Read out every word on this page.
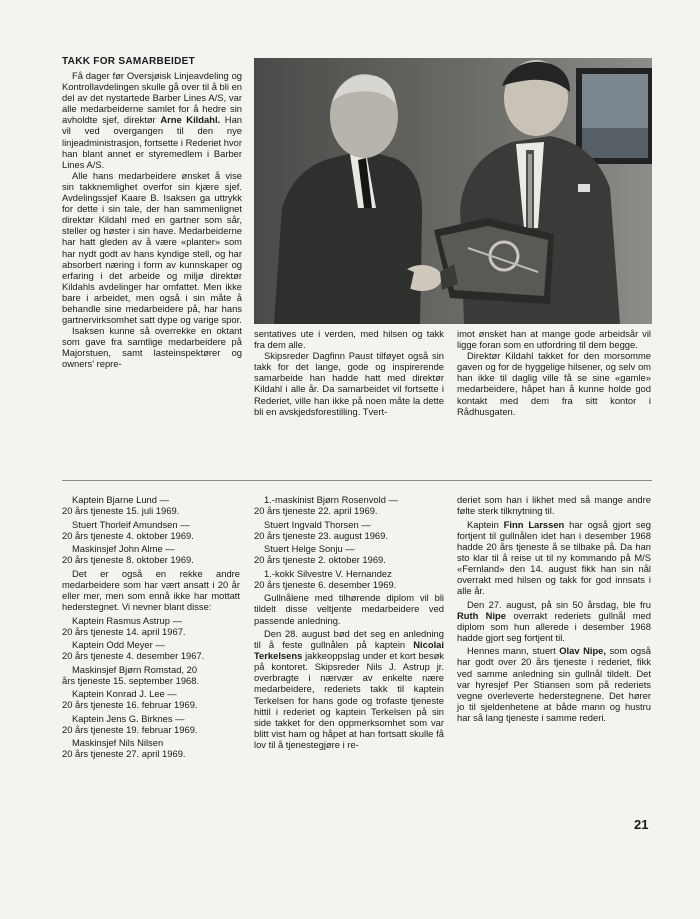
TAKK FOR SAMARBEIDET

Få dager før Oversjøisk Linjeavdeling og Kontrollavdelingen skulle gå over til å bli en del av det nystartede Barber Lines A/S, var alle medarbeiderne samlet for å hedre sin avholdte sjef, direktør Arne Kildahl. Han vil ved overgangen til den nye linjeadministrasjon, fortsette i Rederiet hvor han blant annet er styremedlem i Barber Lines A/S.

Alle hans medarbeidere ønsket å vise sin takknemlighet overfor sin kjære sjef. Avdelingssjef Kaare B. Isaksen ga uttrykk for dette i sin tale, der han sammenlignet direktør Kildahl med en gartner som sår, steller og høster i sin have. Medarbeiderne har hatt gleden av å være «planter» som har nydt godt av hans kyndige stell, og har absorbert næring i form av kunnskaper og erfaring i det arbeide og miljø direktør Kildahls avdelinger har omfattet. Men ikke bare i arbeidet, men også i sin måte å behandle sine medarbeidere på, har hans gartnervirksomhet satt dype og varige spor.

Isaksen kunne så overrekke en oktant som gave fra samtlige medarbeidere på Majorstuen, samt lasteinspektører og owners' repre-

sentatives ute i verden, med hilsen og takk fra dem alle.

Skipsreder Dagfinn Paust tilføyet også sin takk for det lange, gode og inspirerende samarbeide han hadde hatt med direktør Kildahl i alle år. Da samarbeidet vil fortsette i Rederiet, ville han ikke på noen måte la dette bli en avskjedsforestilling. Tvert-

imot ønsket han at mange gode arbeidsår vil ligge foran som en utfordring til dem begge.

Direktør Kildahl takket for den morsomme gaven og for de hyggelige hilsener, og selv om han ikke til daglig ville få se sine «gamle» medarbeidere, håpet han å kunne holde god kontakt med dem fra sitt kontor i Rådhusgaten.

Kaptein Bjarne Lund —
20 års tjeneste 15. juli 1969.
Stuert Thorleif Amundsen —
20 års tjeneste 4. oktober 1969.
Maskinsjef John Alme —
20 års tjeneste 8. oktober 1969.

Det er også en rekke andre medarbeidere som har vært ansatt i 20 år eller mer, men som ennå ikke har mottatt hederstegnet. Vi nevner blant disse:

Kaptein Rasmus Astrup —
20 års tjeneste 14. april 1967.
Kaptein Odd Meyer —
20 års tjeneste 4. desember 1967.
Maskinsjef Bjørn Romstad, 20
års tjeneste 15. september 1968.
Kaptein Konrad J. Lee —
20 års tjeneste 16. februar 1969.
Kaptein Jens G. Birknes —
20 års tjeneste 19. februar 1969.
Maskinsjef Nils Nilsen
20 års tjeneste 27. april 1969.
1.-maskinist Bjørn Rosenvold —
20 års tjeneste 22. april 1969.
Stuert Ingvald Thorsen —
20 års tjeneste 23. august 1969.
Stuert Helge Sonju —
20 års tjeneste 2. oktober 1969.
1.-kokk Silvestre V. Hernandez
20 års tjeneste 6. desember 1969.

Gullnålene med tilhørende diplom vil bli tildelt disse veltjente medarbeidere ved passende anledning.

Den 28. august bød det seg en anledning til å feste gullnålen på kaptein Nicolai Terkelsens jakkeoppslag under et kort besøk på kontoret. Skipsreder Nils J. Astrup jr. overbragte i nærvær av enkelte nære medarbeidere, rederiets takk til kaptein Terkelsen for hans gode og trofaste tjeneste hittil i rederiet og kaptein Terkelsen på sin side takket for den oppmerksomhet som var blitt vist ham og håpet at han fortsatt skulle få lov til å tjenestegjøre i re-

deriet som han i likhet med så mange andre følte sterk tilknytning til.

Kaptein Finn Larssen har også gjort seg fortjent til gullnålen idet han i desember 1968 hadde 20 års tjeneste å se tilbake på. Da han sto klar til å reise ut til ny kommando på M/S «Fernland» den 14. august fikk han sin nål overrakt med hilsen og takk for god innsats i alle år.

Den 27. august, på sin 50 årsdag, ble fru Ruth Nipe overrakt rederiets gullnål med diplom som hun allerede i desember 1968 hadde gjort seg fortjent til.

Hennes mann, stuert Olav Nipe, som også har godt over 20 års tjeneste i rederiet, fikk ved samme anledning sin gullnål tildelt. Det var hyresjef Per Stiansen som på rederiets vegne overleverte hederstegnene. Det hører jo til sjeldenhetene at både mann og hustru har så lang tjeneste i samme rederi.

21
